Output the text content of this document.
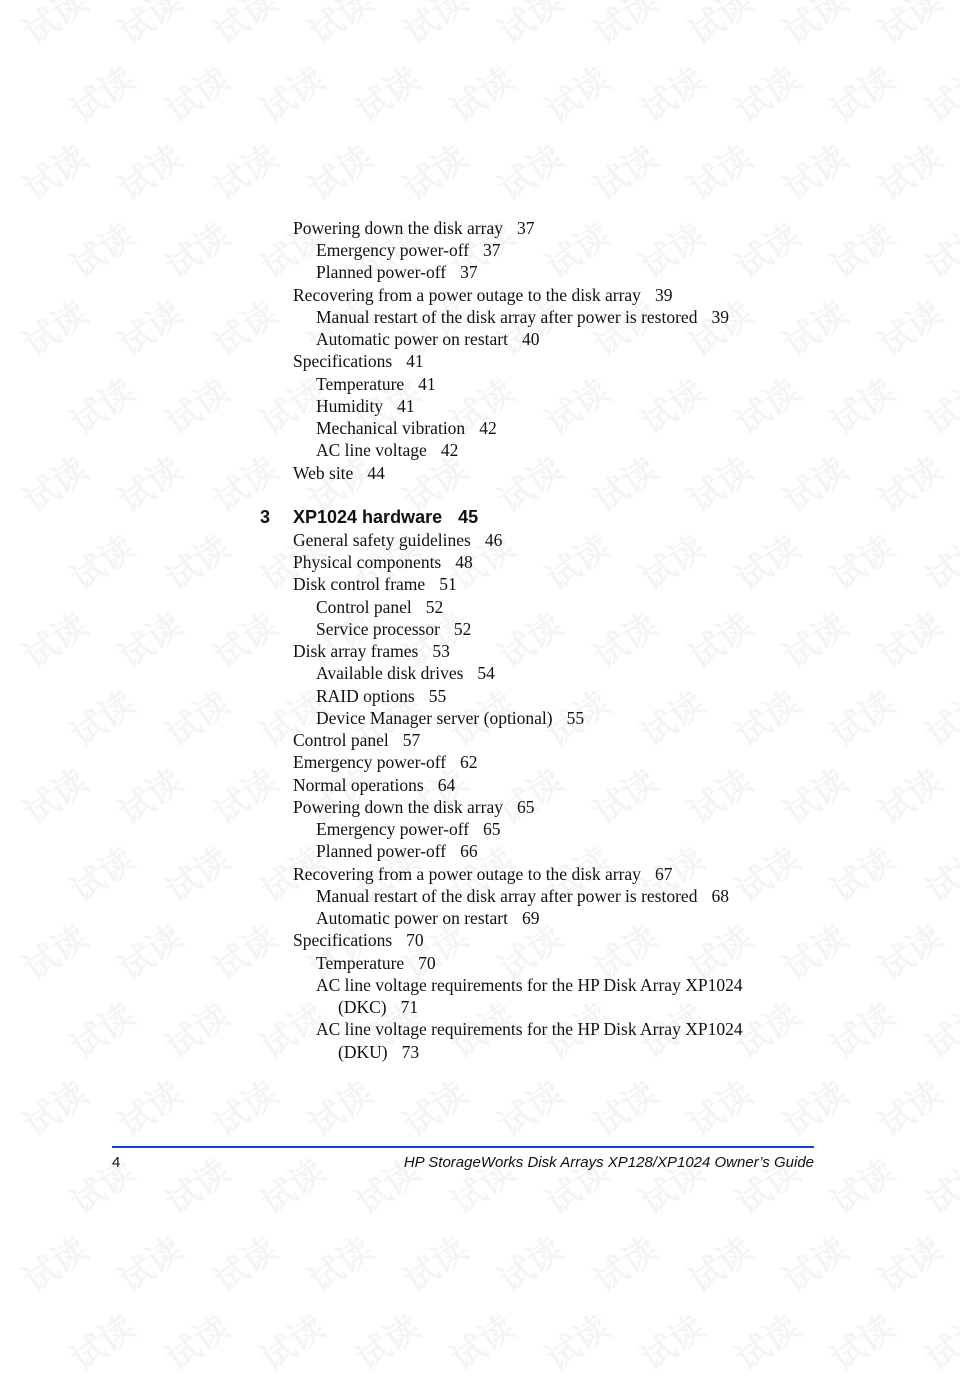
Powering down the disk array 37
Emergency power-off 37
Planned power-off 37
Recovering from a power outage to the disk array 39
Manual restart of the disk array after power is restored 39
Automatic power on restart 40
Specifications 41
Temperature 41
Humidity 41
Mechanical vibration 42
AC line voltage 42
Web site 44
3 XP1024 hardware 45
General safety guidelines 46
Physical components 48
Disk control frame 51
Control panel 52
Service processor 52
Disk array frames 53
Available disk drives 54
RAID options 55
Device Manager server (optional) 55
Control panel 57
Emergency power-off 62
Normal operations 64
Powering down the disk array 65
Emergency power-off 65
Planned power-off 66
Recovering from a power outage to the disk array 67
Manual restart of the disk array after power is restored 68
Automatic power on restart 69
Specifications 70
Temperature 70
AC line voltage requirements for the HP Disk Array XP1024
(DKC) 71
AC line voltage requirements for the HP Disk Array XP1024
(DKU) 73
4	HP StorageWorks Disk Arrays XP128/XP1024 Owner’s Guide
